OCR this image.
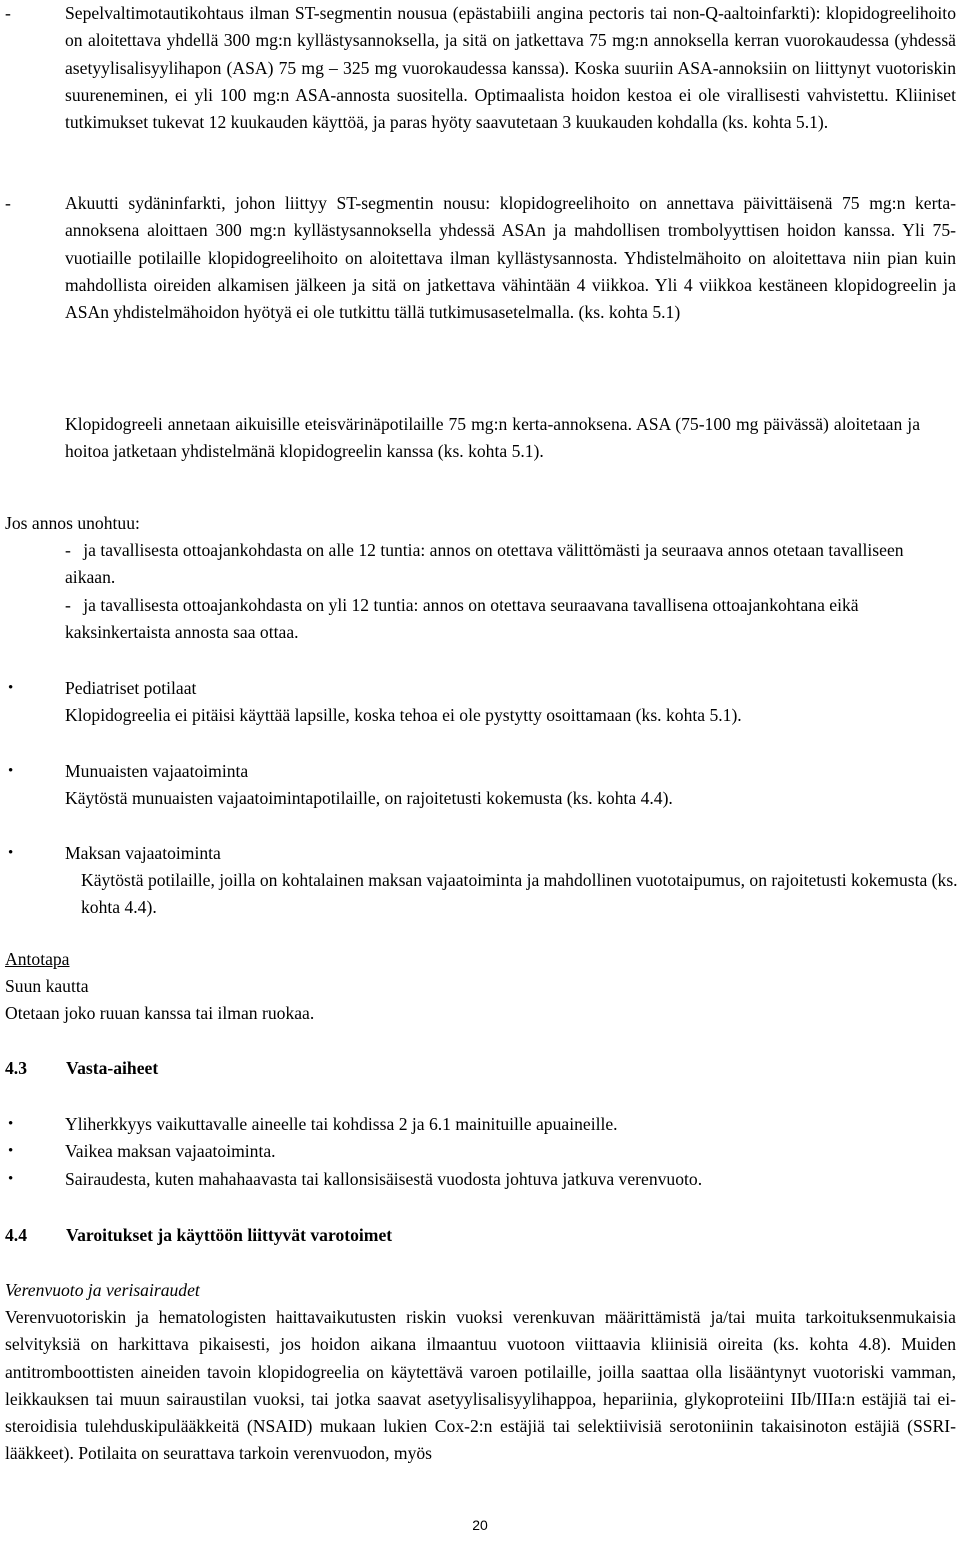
-	Sepelvaltimotautikohtaus ilman ST-segmentin nousua (epästabiili angina pectoris tai non-Q-aaltoinfarkti): klopidogreelihoito on aloitettava yhdellä 300 mg:n kyllästysannoksella, ja sitä on jatkettava 75 mg:n annoksella kerran vuorokaudessa (yhdessä asetyylisalisyylihapon (ASA) 75 mg – 325 mg vuorokaudessa kanssa). Koska suuriin ASA-annoksiin on liittynyt vuotoriskin suureneminen, ei yli 100 mg:n ASA-annosta suositella. Optimaalista hoidon kestoa ei ole virallisesti vahvistettu. Kliiniset tutkimukset tukevat 12 kuukauden käyttöä, ja paras hyöty saavutetaan 3 kuukauden kohdalla (ks. kohta 5.1).
-	Akuutti sydäninfarkti, johon liittyy ST-segmentin nousu: klopidogreelihoito on annettava päivittäisenä 75 mg:n kerta-annoksena aloittaen 300 mg:n kyllästysannoksella yhdessä ASAn ja mahdollisen trombolyyttisen hoidon kanssa. Yli 75-vuotiaille potilaille klopidogreelihoito on aloitettava ilman kyllästysannosta. Yhdistelmähoito on aloitettava niin pian kuin mahdollista oireiden alkamisen jälkeen ja sitä on jatkettava vähintään 4 viikkoa. Yli 4 viikkoa kestäneen klopidogreelin ja ASAn yhdistelmähoidon hyötyä ei ole tutkittu tällä tutkimusasetelmalla. (ks. kohta 5.1)
Klopidogreeli annetaan aikuisille eteisvärinäpotilaille 75 mg:n kerta-annoksena. ASA (75-100 mg päivässä) aloitetaan ja hoitoa jatketaan yhdistelmänä klopidogreelin kanssa (ks. kohta 5.1).
Jos annos unohtuu:
- ja tavallisesta ottoajankohdasta on alle 12 tuntia: annos on otettava välittömästi ja seuraava annos otetaan tavalliseen aikaan.
- ja tavallisesta ottoajankohdasta on yli 12 tuntia: annos on otettava seuraavana tavallisena ottoajankohtana eikä kaksinkertaista annosta saa ottaa.
•	Pediatriset potilaat
Klopidogreelia ei pitäisi käyttää lapsille, koska tehoa ei ole pystytty osoittamaan (ks. kohta 5.1).
•	Munuaisten vajaatoiminta
Käytöstä munuaisten vajaatoimintapotilaille, on rajoitetusti kokemusta (ks. kohta 4.4).
•	Maksan vajaatoiminta
Käytöstä potilaille, joilla on kohtalainen maksan vajaatoiminta ja mahdollinen vuototaipumus, on rajoitetusti kokemusta (ks. kohta 4.4).
Antotapa
Suun kautta
Otetaan joko ruuan kanssa tai ilman ruokaa.
4.3 Vasta-aiheet
•	Yliherkkyys vaikuttavalle aineelle tai kohdissa 2 ja 6.1 mainituille apuaineille.
•	Vaikea maksan vajaatoiminta.
•	Sairaudesta, kuten mahahaavasta tai kallonsisäisestä vuodosta johtuva jatkuva verenvuoto.
4.4 Varoitukset ja käyttöön liittyvät varotoimet
Verenvuoto ja verisairaudet
Verenvuotoriskin ja hematologisten haittavaikutusten riskin vuoksi verenkuvan määrittämistä ja/tai muita tarkoituksenmukaisia selvityksiä on harkittava pikaisesti, jos hoidon aikana ilmaantuu vuotoon viittaavia kliinisiä oireita (ks. kohta 4.8). Muiden antitromboottisten aineiden tavoin klopidogreelia on käytettävä varoen potilaille, joilla saattaa olla lisääntynyt vuotoriski vamman, leikkauksen tai muun sairaustilan vuoksi, tai jotka saavat asetyylisalisyylihappoa, hepariinia, glykoproteiini IIb/IIIa:n estäjiä tai ei-steroidisia tulehduskipulääkkeitä (NSAID) mukaan lukien Cox-2:n estäjiä tai selektiivisiä serotoniinin takaisinoton estäjiä (SSRI-lääkkeet). Potilaita on seurattava tarkoin verenvuodon, myös
20
